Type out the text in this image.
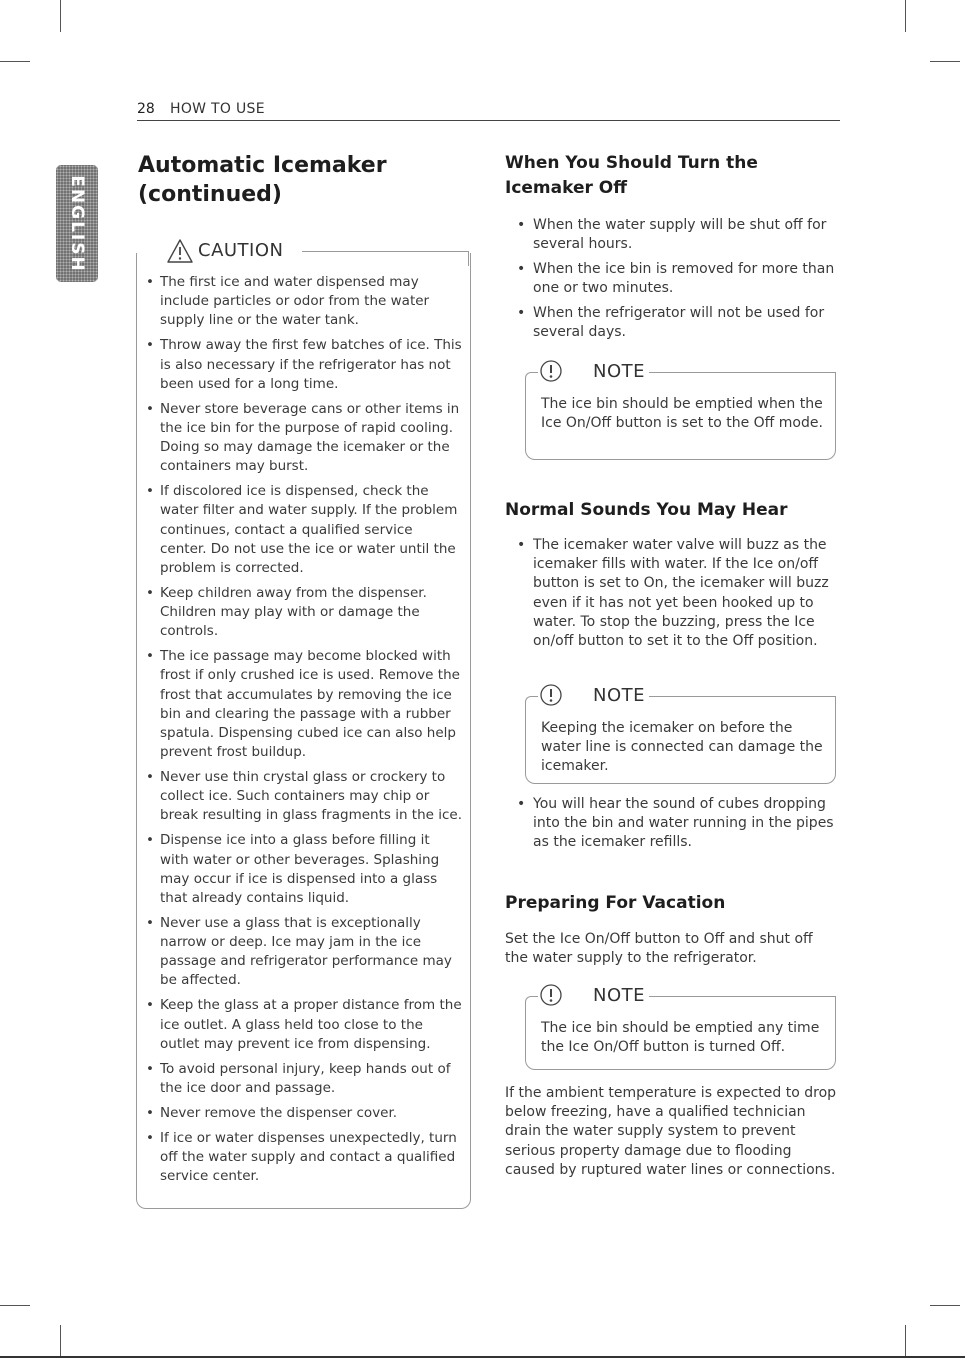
28 HOW TO USE
ENGLISH
Automatic Icemaker (continued)
CAUTION
• The first ice and water dispensed may include particles or odor from the water supply line or the water tank.
• Throw away the first few batches of ice. This is also necessary if the refrigerator has not been used for a long time.
• Never store beverage cans or other items in the ice bin for the purpose of rapid cooling. Doing so may damage the icemaker or the containers may burst.
• If discolored ice is dispensed, check the water filter and water supply. If the problem continues, contact a qualified service center. Do not use the ice or water until the problem is corrected.
• Keep children away from the dispenser. Children may play with or damage the controls.
• The ice passage may become blocked with frost if only crushed ice is used. Remove the frost that accumulates by removing the ice bin and clearing the passage with a rubber spatula. Dispensing cubed ice can also help prevent frost buildup.
• Never use thin crystal glass or crockery to collect ice. Such containers may chip or break resulting in glass fragments in the ice.
• Dispense ice into a glass before filling it with water or other beverages. Splashing may occur if ice is dispensed into a glass that already contains liquid.
• Never use a glass that is exceptionally narrow or deep. Ice may jam in the ice passage and refrigerator performance may be affected.
• Keep the glass at a proper distance from the ice outlet. A glass held too close to the outlet may prevent ice from dispensing.
• To avoid personal injury, keep hands out of the ice door and passage.
• Never remove the dispenser cover.
• If ice or water dispenses unexpectedly, turn off the water supply and contact a qualified service center.
When You Should Turn the Icemaker Off
• When the water supply will be shut off for several hours.
• When the ice bin is removed for more than one or two minutes.
• When the refrigerator will not be used for several days.
NOTE
The ice bin should be emptied when the Ice On/Off button is set to the Off mode.
Normal Sounds You May Hear
• The icemaker water valve will buzz as the icemaker fills with water. If the Ice on/off button is set to On, the icemaker will buzz even if it has not yet been hooked up to water. To stop the buzzing, press the Ice on/off button to set it to the Off position.
NOTE
Keeping the icemaker on before the water line is connected can damage the icemaker.
• You will hear the sound of cubes dropping into the bin and water running in the pipes as the icemaker refills.
Preparing For Vacation

Set the Ice On/Off button to Off and shut off the water supply to the refrigerator.

NOTE
The ice bin should be emptied any time the Ice On/Off button is turned Off.

If the ambient temperature is expected to drop below freezing, have a qualified technician drain the water supply system to prevent serious property damage due to flooding caused by ruptured water lines or connections.
